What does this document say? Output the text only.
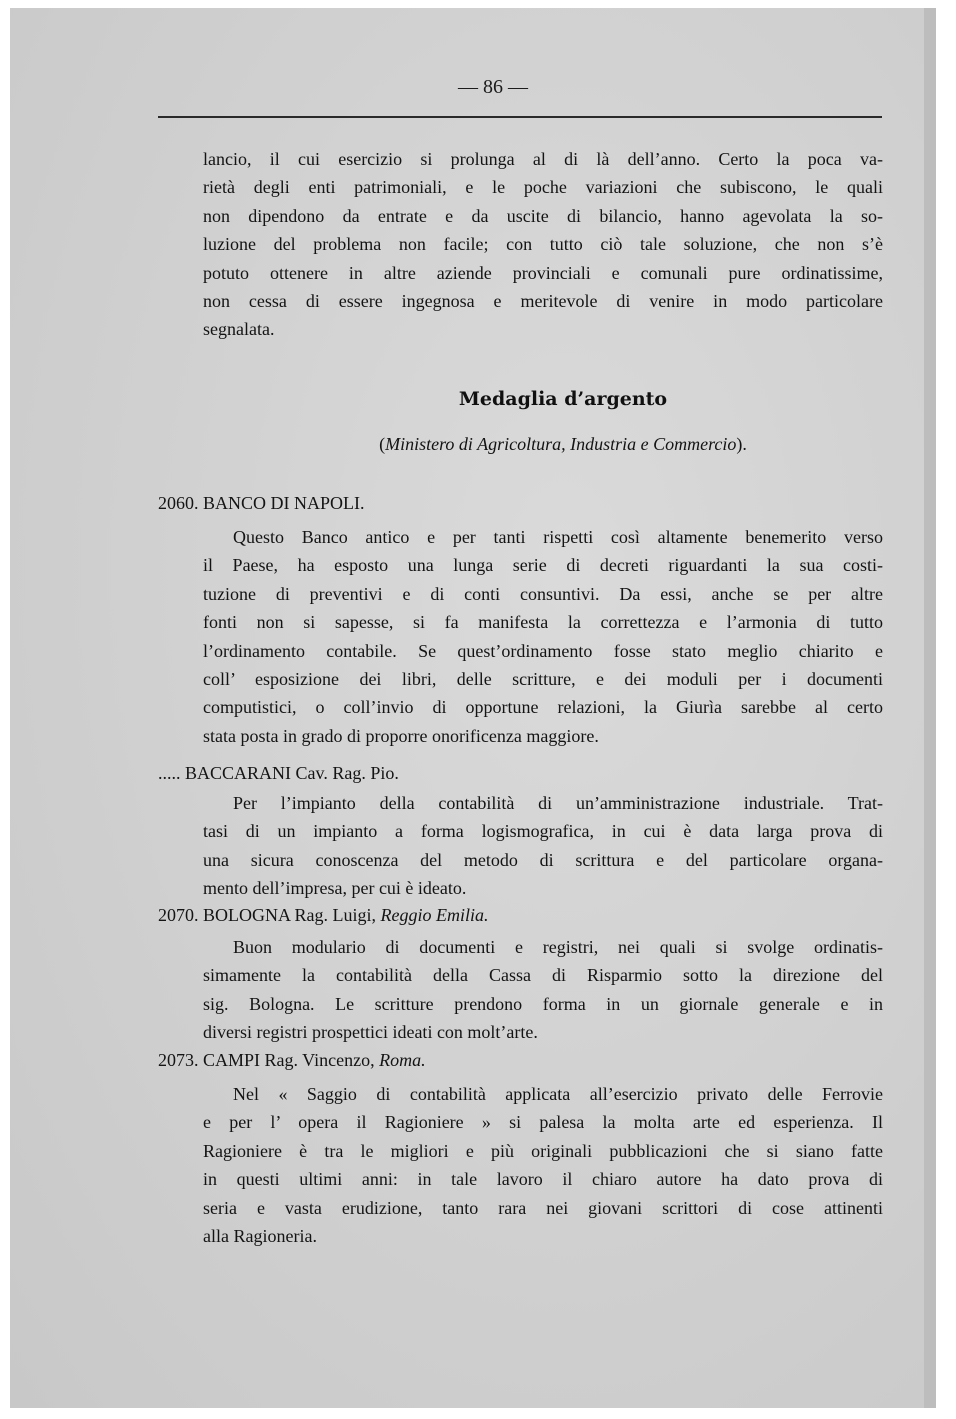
— 86 —
lancio, il cui esercizio si prolunga al di là dell’anno. Certo la poca va-
rietà degli enti patrimoniali, e le poche variazioni che subiscono, le quali
non dipendono da entrate e da uscite di bilancio, hanno agevolata la so-
luzione del problema non facile; con tutto ciò tale soluzione, che non s’è
potuto ottenere in altre aziende provinciali e comunali pure ordinatissime,
non cessa di essere ingegnosa e meritevole di venire in modo particolare
segnalata.
Medaglia d’argento
(Ministero di Agricoltura, Industria e Commercio).
2060. BANCO DI NAPOLI.
Questo Banco antico e per tanti rispetti così altamente benemerito verso
il Paese, ha esposto una lunga serie di decreti riguardanti la sua costi-
tuzione di preventivi e di conti consuntivi. Da essi, anche se per altre
fonti non si sapesse, si fa manifesta la correttezza e l’armonia di tutto
l’ordinamento contabile. Se quest’ordinamento fosse stato meglio chiarito e
coll’ esposizione dei libri, delle scritture, e dei moduli per i documenti
computistici, o coll’invio di opportune relazioni, la Giurìa sarebbe al certo
stata posta in grado di proporre onorificenza maggiore.
..... BACCARANI Cav. Rag. Pio.
Per l’impianto della contabilità di un’amministrazione industriale. Trat-
tasi di un impianto a forma logismografica, in cui è data larga prova di
una sicura conoscenza del metodo di scrittura e del particolare organa-
mento dell’impresa, per cui è ideato.
2070. BOLOGNA Rag. Luigi, Reggio Emilia.
Buon modulario di documenti e registri, nei quali si svolge ordinatis-
simamente la contabilità della Cassa di Risparmio sotto la direzione del
sig. Bologna. Le scritture prendono forma in un giornale generale e in
diversi registri prospettici ideati con molt’arte.
2073. CAMPI Rag. Vincenzo, Roma.
Nel « Saggio di contabilità applicata all’esercizio privato delle Ferrovie
e per l’ opera il Ragioniere » si palesa la molta arte ed esperienza. Il
Ragioniere è tra le migliori e più originali pubblicazioni che si siano fatte
in questi ultimi anni: in tale lavoro il chiaro autore ha dato prova di
seria e vasta erudizione, tanto rara nei giovani scrittori di cose attinenti
alla Ragioneria.
